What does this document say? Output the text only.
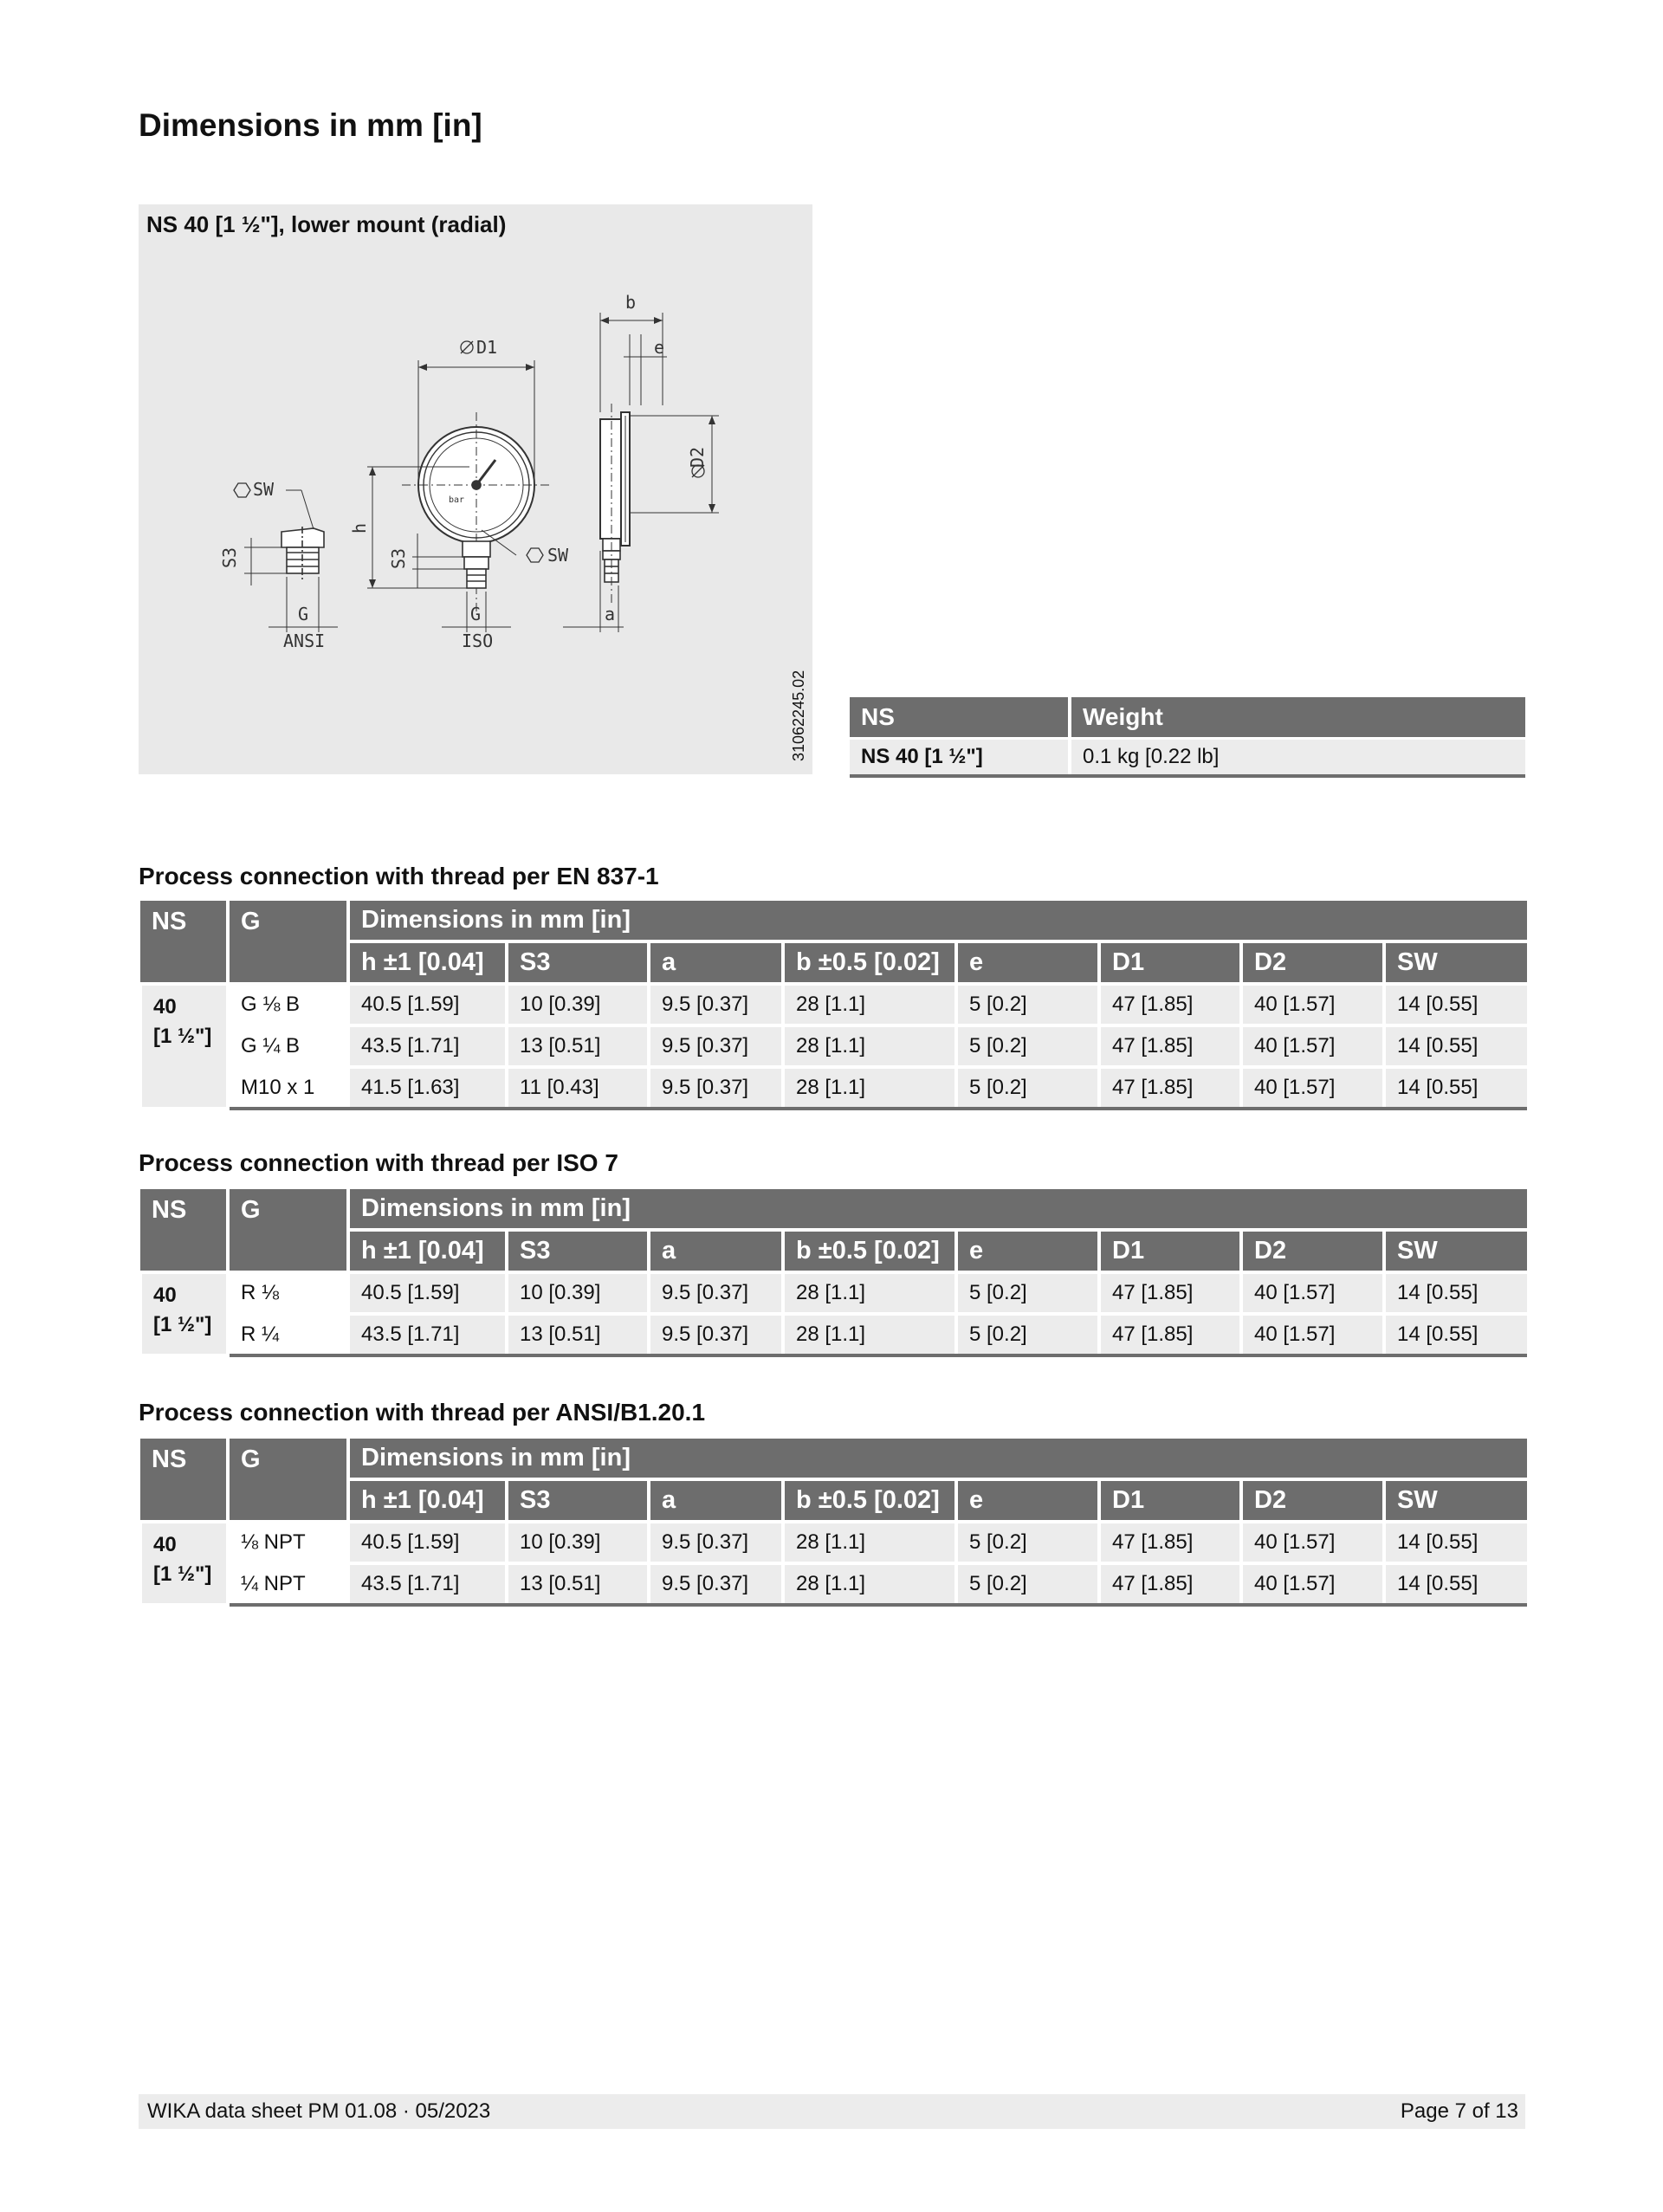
Dimensions in mm [in]
NS 40 [1 ½"], lower mount (radial)
bar
SW
S3
G
ANSI
h
S3
D1
SW
G
ISO
b
e
D2
a
31062245.02 NS	Weight
NS 40 [1 ½"]	0.1 kg [0.22 lb]
Process connection with thread per EN 837-1
NS	G	Dimensions in mm [in]							
		h ±1 [0.04]	S3	a	b ±0.5 [0.02]	e	D1	D2	SW
40
[1 ½"]	G ⅛ B	40.5 [1.59]	10 [0.39]	9.5 [0.37]	28 [1.1]	5 [0.2]	47 [1.85]	40 [1.57]	14 [0.55]
	G ¼ B	43.5 [1.71]	13 [0.51]	9.5 [0.37]	28 [1.1]	5 [0.2]	47 [1.85]	40 [1.57]	14 [0.55]
	M10 x 1	41.5 [1.63]	11 [0.43]	9.5 [0.37]	28 [1.1]	5 [0.2]	47 [1.85]	40 [1.57]	14 [0.55]
Process connection with thread per ISO 7
NS	G	Dimensions in mm [in]							
		h ±1 [0.04]	S3	a	b ±0.5 [0.02]	e	D1	D2	SW
40
[1 ½"]	R ⅛	40.5 [1.59]	10 [0.39]	9.5 [0.37]	28 [1.1]	5 [0.2]	47 [1.85]	40 [1.57]	14 [0.55]
	R ¼	43.5 [1.71]	13 [0.51]	9.5 [0.37]	28 [1.1]	5 [0.2]	47 [1.85]	40 [1.57]	14 [0.55]
Process connection with thread per ANSI/B1.20.1
NS	G	Dimensions in mm [in]							
		h ±1 [0.04]	S3	a	b ±0.5 [0.02]	e	D1	D2	SW
40
[1 ½"]	⅛ NPT	40.5 [1.59]	10 [0.39]	9.5 [0.37]	28 [1.1]	5 [0.2]	47 [1.85]	40 [1.57]	14 [0.55]
	¼ NPT	43.5 [1.71]	13 [0.51]	9.5 [0.37]	28 [1.1]	5 [0.2]	47 [1.85]	40 [1.57]	14 [0.55]
WIKA data sheet PM 01.08 · 05/2023	Page 7 of 13
